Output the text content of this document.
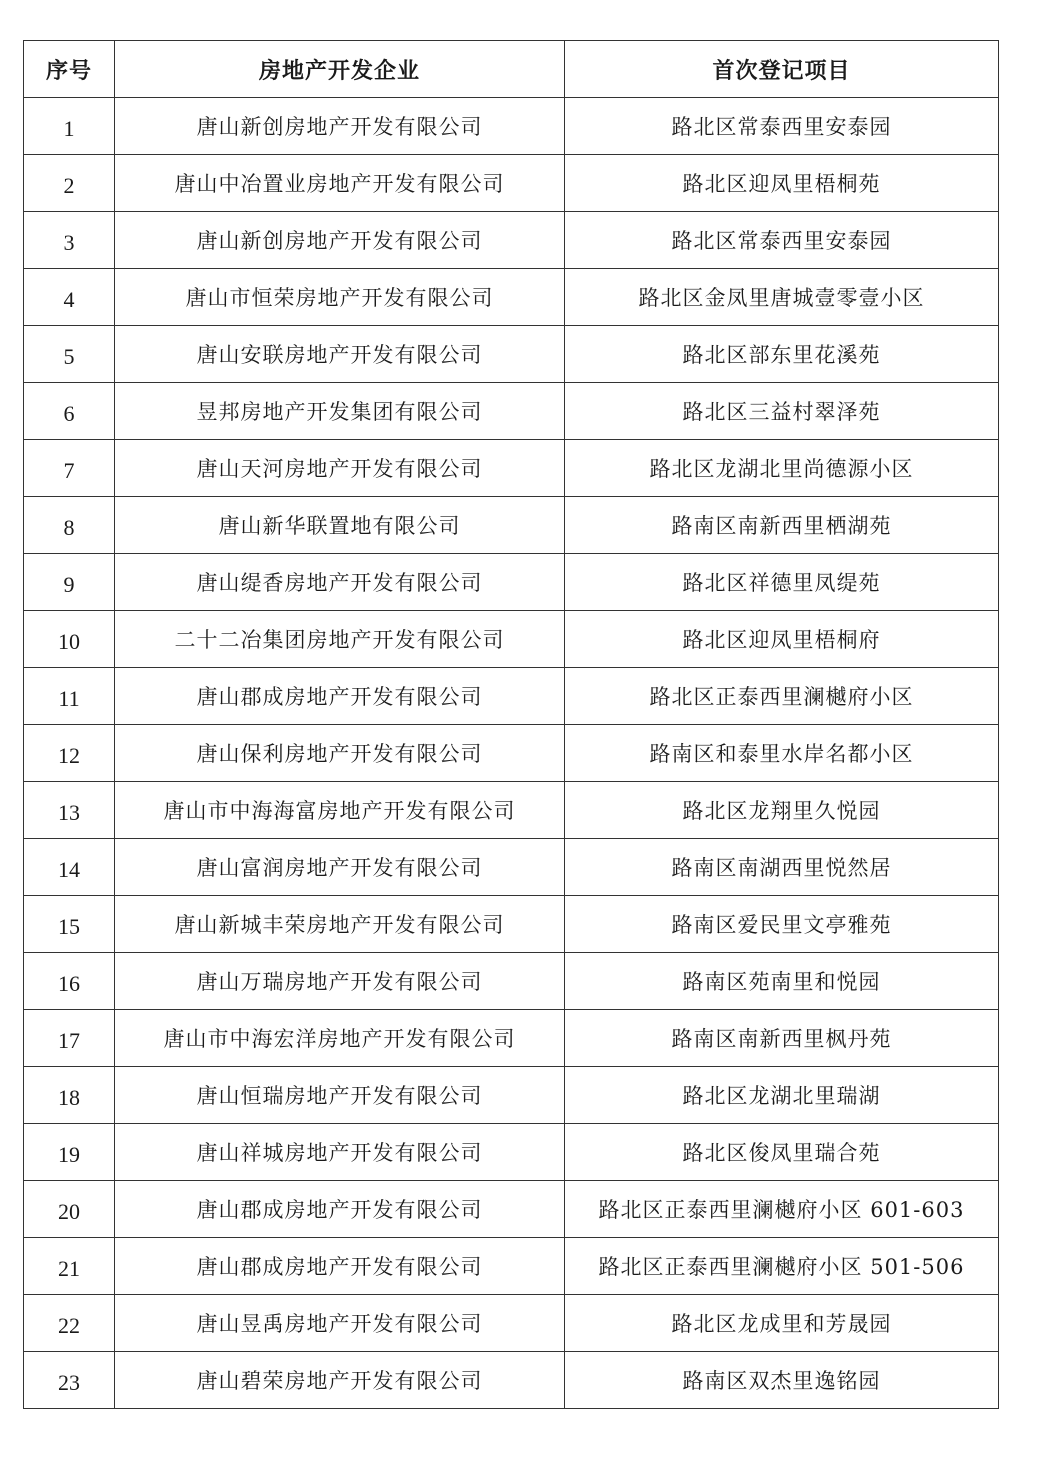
序号	房地产开发企业	首次登记项目
1	唐山新创房地产开发有限公司	路北区常泰西里安泰园
2	唐山中冶置业房地产开发有限公司	路北区迎凤里梧桐苑
3	唐山新创房地产开发有限公司	路北区常泰西里安泰园
4	唐山市恒荣房地产开发有限公司	路北区金凤里唐城壹零壹小区
5	唐山安联房地产开发有限公司	路北区部东里花溪苑
6	昱邦房地产开发集团有限公司	路北区三益村翠泽苑
7	唐山天河房地产开发有限公司	路北区龙湖北里尚德源小区
8	唐山新华联置地有限公司	路南区南新西里栖湖苑
9	唐山缇香房地产开发有限公司	路北区祥德里凤缇苑
10	二十二冶集团房地产开发有限公司	路北区迎凤里梧桐府
11	唐山郡成房地产开发有限公司	路北区正泰西里澜樾府小区
12	唐山保利房地产开发有限公司	路南区和泰里水岸名都小区
13	唐山市中海海富房地产开发有限公司	路北区龙翔里久悦园
14	唐山富润房地产开发有限公司	路南区南湖西里悦然居
15	唐山新城丰荣房地产开发有限公司	路南区爱民里文亭雅苑
16	唐山万瑞房地产开发有限公司	路南区苑南里和悦园
17	唐山市中海宏洋房地产开发有限公司	路南区南新西里枫丹苑
18	唐山恒瑞房地产开发有限公司	路北区龙湖北里瑞湖
19	唐山祥城房地产开发有限公司	路北区俊凤里瑞合苑
20	唐山郡成房地产开发有限公司	路北区正泰西里澜樾府小区 601-603
21	唐山郡成房地产开发有限公司	路北区正泰西里澜樾府小区 501-506
22	唐山昱禹房地产开发有限公司	路北区龙成里和芳晟园
23	唐山碧荣房地产开发有限公司	路南区双杰里逸铭园
